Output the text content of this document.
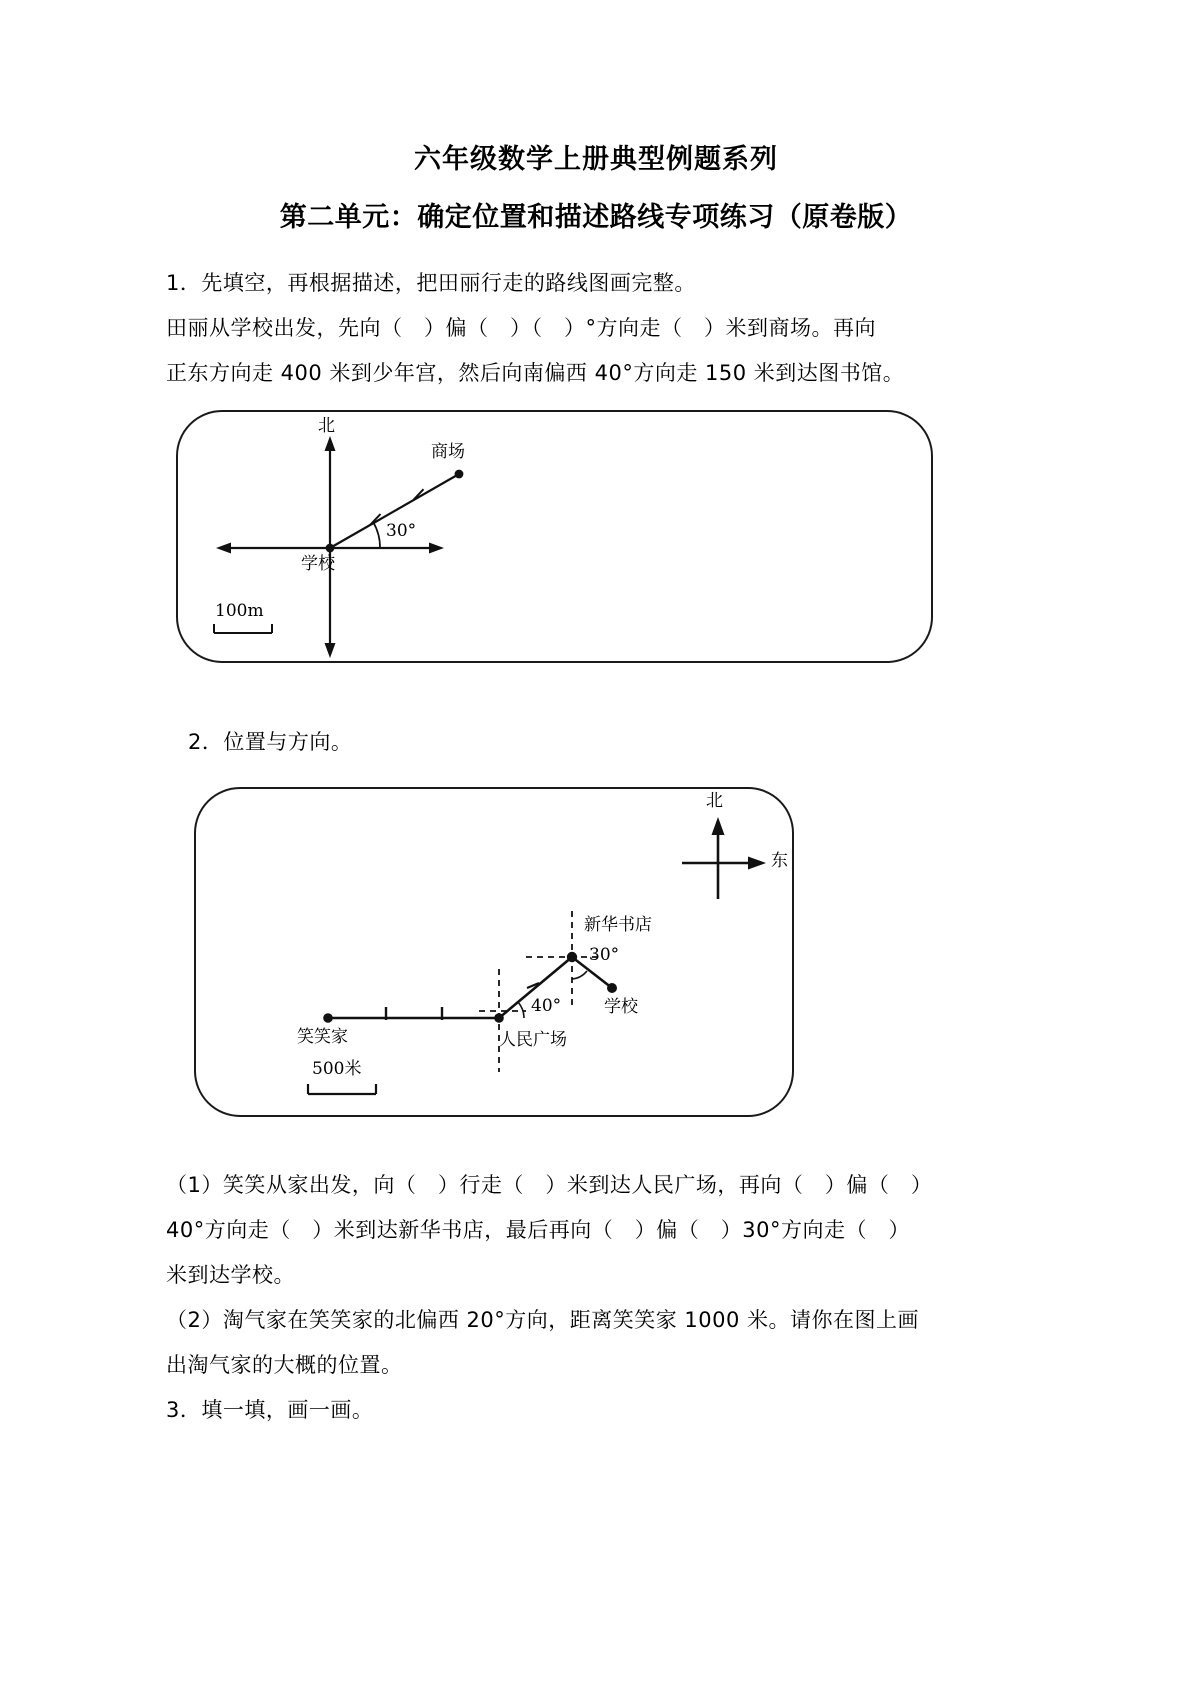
六年级数学上册典型例题系列
第二单元：确定位置和描述路线专项练习（原卷版）

1．先填空，再根据描述，把田丽行走的路线图画完整。

田丽从学校出发，先向（　）偏（　）（　）°方向走（　）米到商场。再向

正东方向走 400 米到少年宫，然后向南偏西 40°方向走 150 米到达图书馆。

北
学校
商场
30°
100m

2．位置与方向。

北
东
笑笑家	人民广场
新华书店
学校
40°
30°
500米

（1）笑笑从家出发，向（　）行走（　）米到达人民广场，再向（　）偏（　）

40°方向走（　）米到达新华书店，最后再向（　）偏（　）30°方向走（　）

米到达学校。

（2）淘气家在笑笑家的北偏西 20°方向，距离笑笑家 1000 米。请你在图上画

出淘气家的大概的位置。

3．填一填，画一画。
